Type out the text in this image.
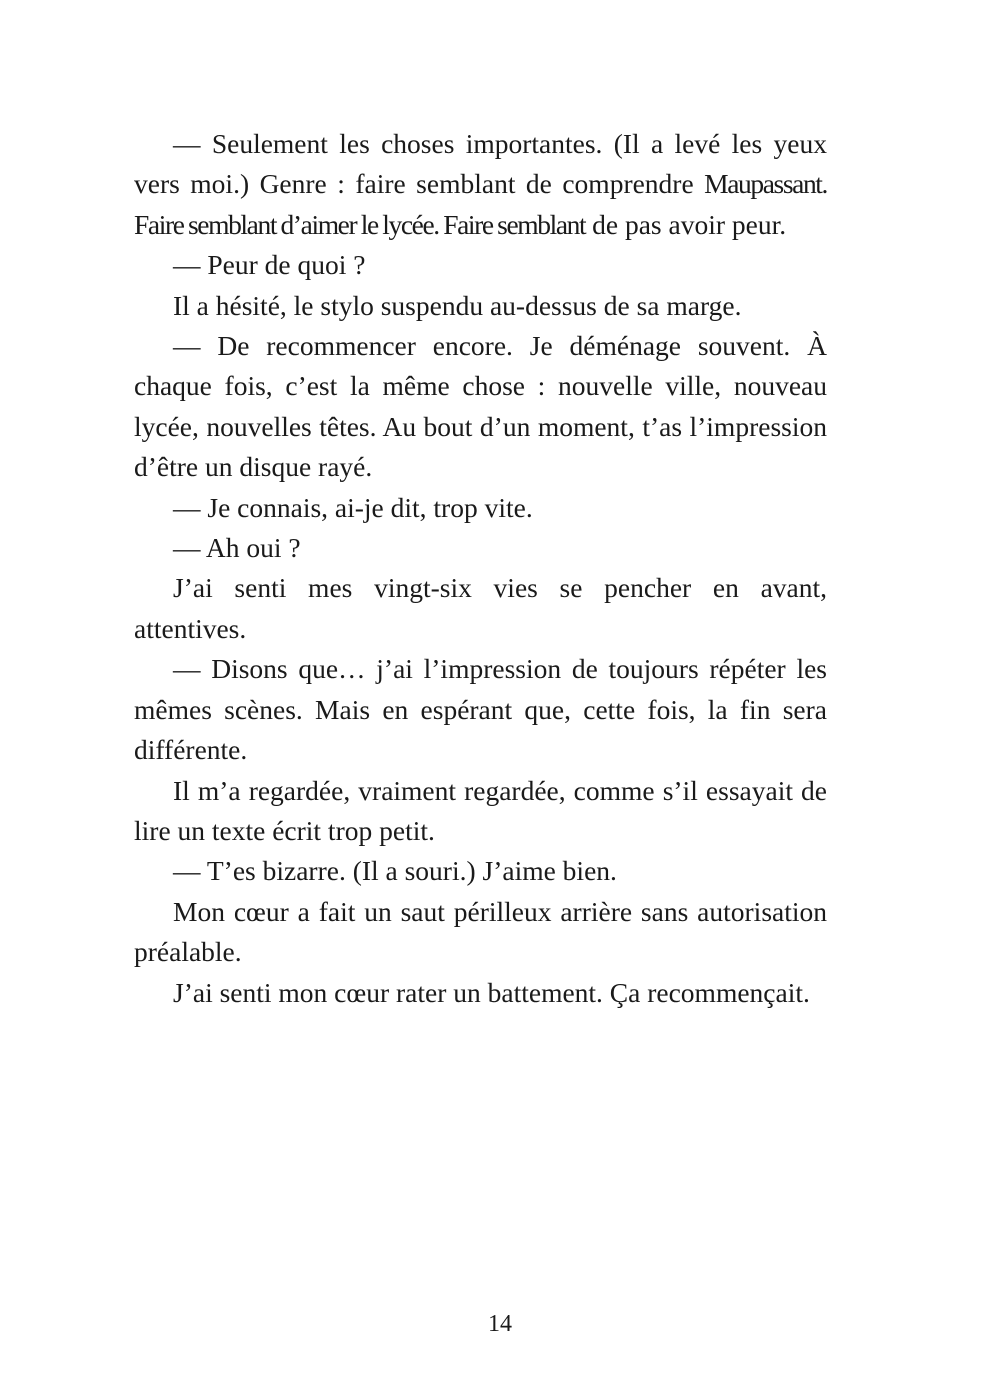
— Seulement les choses importantes. (Il a levé les yeux vers moi.) Genre : faire semblant de comprendre Maupassant. Faire semblant d’aimer le lycée. Faire semblant de pas avoir peur.

— Peur de quoi ?

Il a hésité, le stylo suspendu au-dessus de sa marge.

— De recommencer encore. Je déménage souvent. À chaque fois, c’est la même chose : nouvelle ville, nouveau lycée, nouvelles têtes. Au bout d’un moment, t’as l’impression d’être un disque rayé.

— Je connais, ai-je dit, trop vite.

— Ah oui ?

J’ai senti mes vingt-six vies se pencher en avant, attentives.

— Disons que… j’ai l’impression de toujours répéter les mêmes scènes. Mais en espérant que, cette fois, la fin sera différente.

Il m’a regardée, vraiment regardée, comme s’il essayait de lire un texte écrit trop petit.

— T’es bizarre. (Il a souri.) J’aime bien.

Mon cœur a fait un saut périlleux arrière sans autorisation préalable.

J’ai senti mon cœur rater un battement. Ça recommençait.

14
